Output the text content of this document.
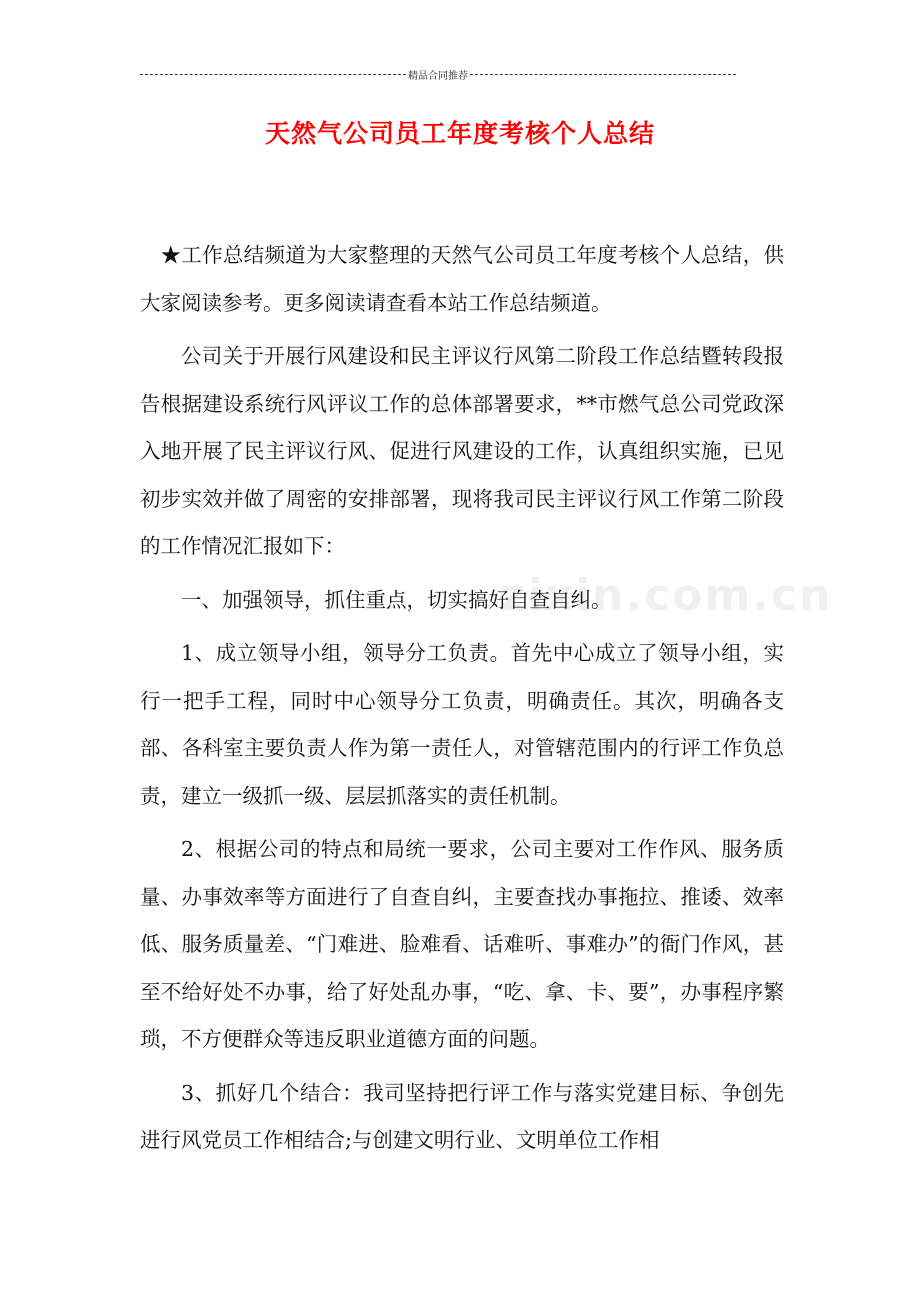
精品合同推荐
天然气公司员工年度考核个人总结
zixin.com.cn

★工作总结频道为大家整理的天然气公司员工年度考核个人总结，供大家阅读参考。更多阅读请查看本站工作总结频道。

公司关于开展行风建设和民主评议行风第二阶段工作总结暨转段报告根据建设系统行风评议工作的总体部署要求，**市燃气总公司党政深入地开展了民主评议行风、促进行风建设的工作，认真组织实施，已见初步实效并做了周密的安排部署，现将我司民主评议行风工作第二阶段的工作情况汇报如下：

一、加强领导，抓住重点，切实搞好自查自纠。

1、成立领导小组，领导分工负责。首先中心成立了领导小组，实行一把手工程，同时中心领导分工负责，明确责任。其次，明确各支部、各科室主要负责人作为第一责任人，对管辖范围内的行评工作负总责，建立一级抓一级、层层抓落实的责任机制。

2、根据公司的特点和局统一要求，公司主要对工作作风、服务质量、办事效率等方面进行了自查自纠，主要查找办事拖拉、推诿、效率低、服务质量差、“门难进、脸难看、话难听、事难办”的衙门作风，甚至不给好处不办事，给了好处乱办事，“吃、拿、卡、要”，办事程序繁琐，不方便群众等违反职业道德方面的问题。

3、抓好几个结合：我司坚持把行评工作与落实党建目标、争创先进行风党员工作相结合;与创建文明行业、文明单位工作相
